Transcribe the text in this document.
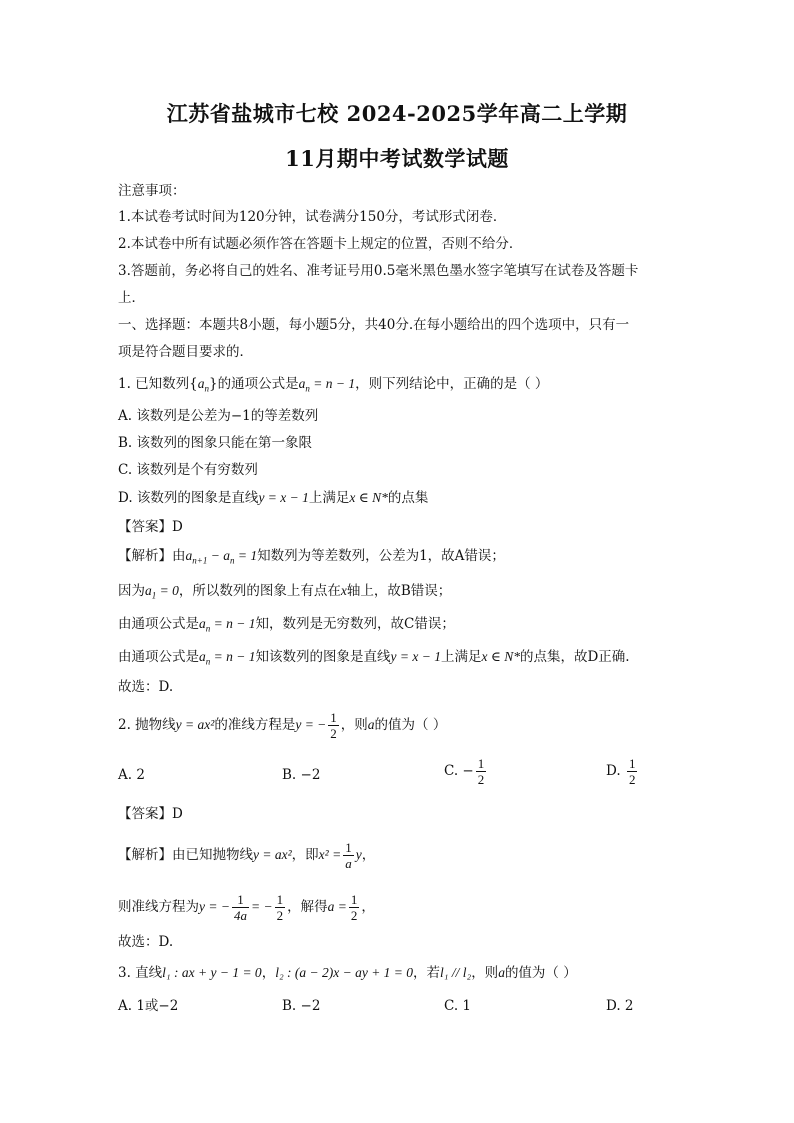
江苏省盐城市七校 2024-2025学年高二上学期
11月期中考试数学试题
注意事项：
1.本试卷考试时间为120分钟，试卷满分150分，考试形式闭卷．
2.本试卷中所有试题必须作答在答题卡上规定的位置，否则不给分．
3.答题前，务必将自己的姓名、准考证号用0.5毫米黑色墨水签字笔填写在试卷及答题卡
上．
一、选择题：本题共8小题，每小题5分，共40分.在每小题给出的四个选项中，只有一
项是符合题目要求的．
1. 已知数列$\{a_n\}$的通项公式是$a_n = n - 1$，则下列结论中，正确的是（ ）
A. 该数列是公差为−1的等差数列
B. 该数列的图象只能在第一象限
C. 该数列是个有穷数列
D. 该数列的图象是直线y = x − 1上满足x ∈ N*的点集
【答案】D
【解析】由$a_{n+1} - a_n = 1$知数列为等差数列，公差为1，故A错误；
因为$a_1 = 0$，所以数列的图象上有点在x轴上，故B错误；
由通项公式是$a_n = n - 1$知，数列是无穷数列，故C错误；
由通项公式是$a_n = n - 1$知该数列的图象是直线y = x − 1上满足x ∈ N*的点集，故D正确.
故选：D.
2. 抛物线y = ax²的准线方程是y = − $\frac{1}{2}$ ，则a的值为（ ）
A. 2	B. −2	C. − $\frac{1}{2}$	D. $\frac{1}{2}$
【答案】D
【解析】由已知抛物线y = ax²，即$x^2 = \frac{1}{a}$ y，
则准线方程为y = − $\frac{1}{4a}$ = − $\frac{1}{2}$ ，解得$a = \frac{1}{2}$ ，
故选：D.
3. 直线l₁ : ax + y − 1 = 0，l₂ : (a − 2)x − ay + 1 = 0，若l₁ // l₂，则a的值为（ ）
A. 1或−2	B. −2	C. 1	D. 2
